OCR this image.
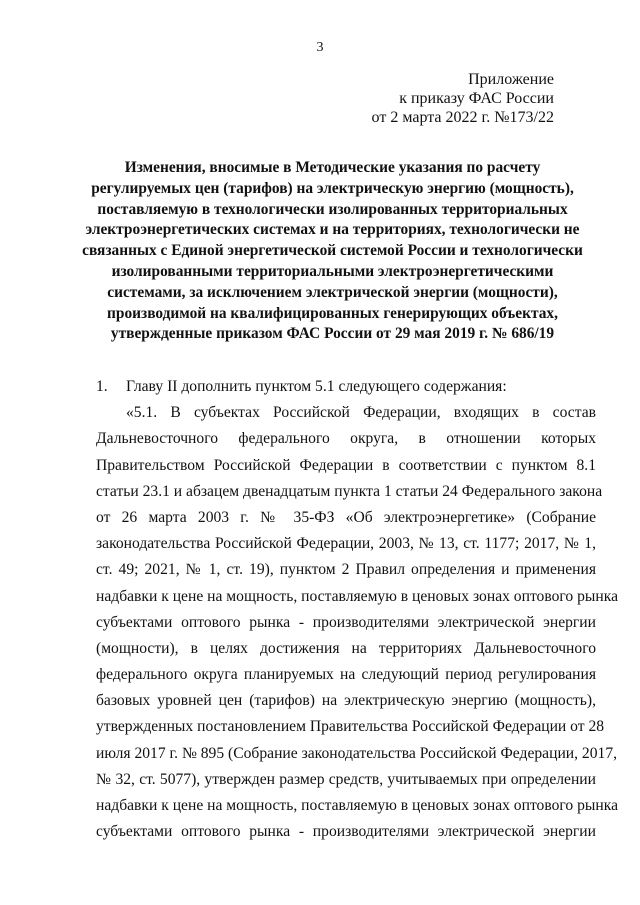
3
Приложение
к приказу ФАС России
от 2 марта 2022 г. №173/22
Изменения, вносимые в Методические указания по расчету
регулируемых цен (тарифов) на электрическую энергию (мощность),
поставляемую в технологически изолированных территориальных
электроэнергетических системах и на территориях, технологически не
связанных с Единой энергетической системой России и технологически
изолированными территориальными электроэнергетическими
системами, за исключением электрической энергии (мощности),
производимой на квалифицированных генерирующих объектах,
утвержденные приказом ФАС России от 29 мая 2019 г. № 686/19
1.	Главу II дополнить пунктом 5.1 следующего содержания:
«5.1. В субъектах Российской Федерации, входящих в состав
Дальневосточного федерального округа, в отношении которых
Правительством Российской Федерации в соответствии с пунктом 8.1
статьи 23.1 и абзацем двенадцатым пункта 1 статьи 24 Федерального закона
от 26 марта 2003 г. № 35-ФЗ «Об электроэнергетике» (Собрание
законодательства Российской Федерации, 2003, № 13, ст. 1177; 2017, № 1,
ст. 49; 2021, № 1, ст. 19), пунктом 2 Правил определения и применения
надбавки к цене на мощность, поставляемую в ценовых зонах оптового рынка
субъектами оптового рынка - производителями электрической энергии
(мощности), в целях достижения на территориях Дальневосточного
федерального округа планируемых на следующий период регулирования
базовых уровней цен (тарифов) на электрическую энергию (мощность),
утвержденных постановлением Правительства Российской Федерации от 28
июля 2017 г. № 895 (Собрание законодательства Российской Федерации, 2017,
№ 32, ст. 5077), утвержден размер средств, учитываемых при определении
надбавки к цене на мощность, поставляемую в ценовых зонах оптового рынка
субъектами оптового рынка - производителями электрической энергии
